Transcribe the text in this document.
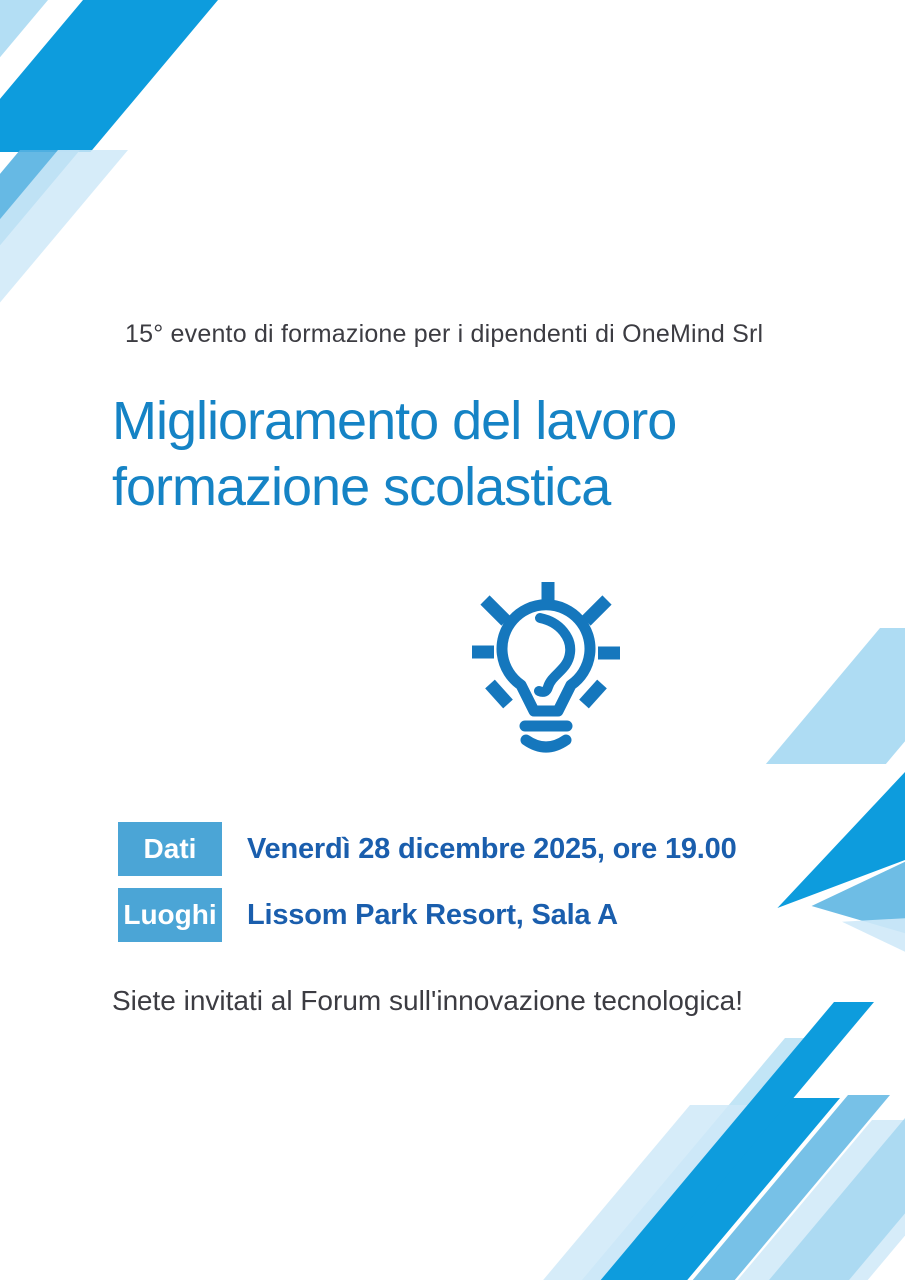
15° evento di formazione per i dipendenti di OneMind Srl
Miglioramento del lavoro
formazione scolastica
Dati	Venerdì 28 dicembre 2025, ore 19.00
Luoghi Lissom Park Resort, Sala A
Siete invitati al Forum sull'innovazione tecnologica!
